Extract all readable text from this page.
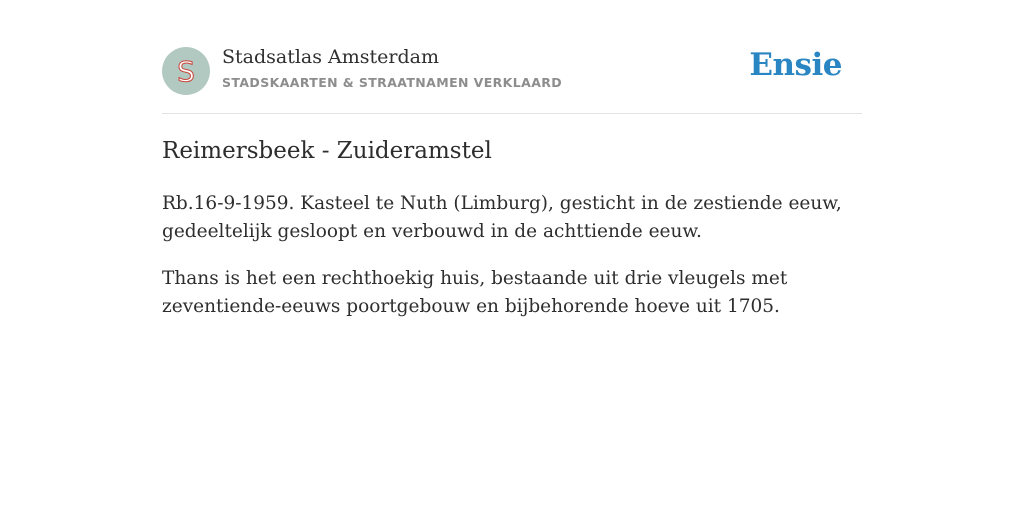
S Stadsatlas Amsterdam
STADSKAARTEN & STRAATNAMEN VERKLAARD	Ensie
Reimersbeek - Zuideramstel

Rb.16-9-1959. Kasteel te Nuth (Limburg), gesticht in de zestiende eeuw, gedeeltelijk gesloopt en verbouwd in de achttiende eeuw.

Thans is het een rechthoekig huis, bestaande uit drie vleugels met zeventiende-eeuws poortgebouw en bijbehorende hoeve uit 1705.
